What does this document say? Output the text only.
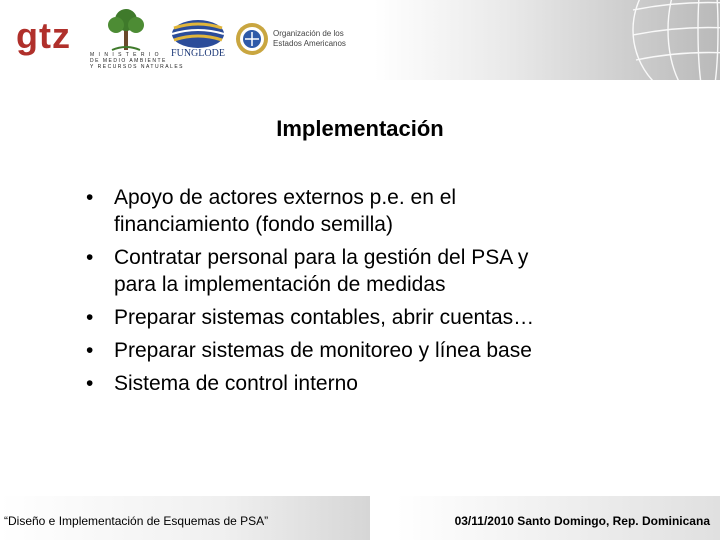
gtz	M I N I S T E R I O
DE MEDIO AMBIENTE
Y RECURSOS NATURALES
FUNGLODE
Organización de los
Estados Americanos
Implementación
• Apoyo de actores externos p.e. en el
financiamiento (fondo semilla)
• Contratar personal para la gestión del PSA y
para la implementación de medidas
• Preparar sistemas contables, abrir cuentas…
• Preparar sistemas de monitoreo y línea base
• Sistema de control interno
“Diseño e Implementación de Esquemas de PSA”	03/11/2010 Santo Domingo, Rep. Dominicana
